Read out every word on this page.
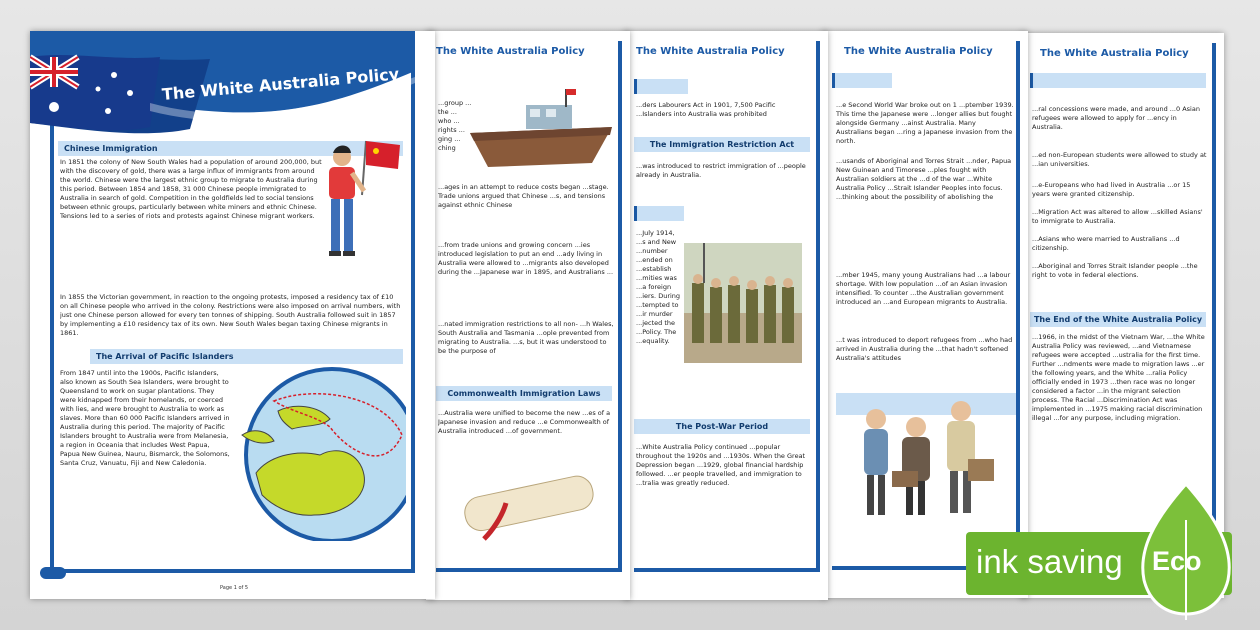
The White Australia Policy
...ral concessions were made, and around ...0 Asian refugees were allowed to apply for ...ency in Australia.
...ed non-European students were allowed to study at ...ian universities.
...e-Europeans who had lived in Australia ...or 15 years were granted citizenship.
...Migration Act was altered to allow ...skilled Asians' to immigrate to Australia.
...Asians who were married to Australians ...d citizenship.
...Aboriginal and Torres Strait Islander people ...the right to vote in federal elections.
The End of the White Australia Policy
...1966, in the midst of the Vietnam War, ...the White Australia Policy was reviewed, ...and Vietnamese refugees were accepted ...ustralia for the first time. Further ...ndments were made to migration laws ...er the following years, and the White ...ralia Policy officially ended in 1973 ...then race was no longer considered a factor ...in the migrant selection process. The Racial ...Discrimination Act was implemented in ...1975 making racial discrimination illegal ...for any purpose, including migration.
The White Australia Policy
...e Second World War broke out on 1 ...ptember 1939. This time the Japanese were ...longer allies but fought alongside Germany ...ainst Australia. Many Australians began ...ring a Japanese invasion from the north.
...usands of Aboriginal and Torres Strait ...nder, Papua New Guinean and Timorese ...ples fought with Australian soldiers at the ...d of the war ...White Australia Policy ...Strait Islander Peoples into focus. ...thinking about the possibility of abolishing the
...mber 1945, many young Australians had ...a labour shortage. With low population ...of an Asian invasion intensified. To counter ...the Australian government introduced an ...and European migrants to Australia.
...t was introduced to deport refugees from ...who had arrived in Australia during the ...that hadn't softened Australia's attitudes
The White Australia Policy
...ders Labourers Act in 1901, 7,500 Pacific ...Islanders into Australia was prohibited
The Immigration Restriction Act
...was introduced to restrict immigration of ...people already in Australia.
...July 1914, ...s and New ...number ...ended on ...establish ...mities was ...a foreign ...iers. During ...tempted to ...ir murder ...jected the ...Policy. The ...equality.
The Post-War Period
...White Australia Policy continued ...popular throughout the 1920s and ...1930s. When the Great Depression began ...1929, global financial hardship followed. ...er people travelled, and immigration to ...tralia was greatly reduced.
The White Australia Policy
...group ... the ... who ... rights ... ging ... ching
...ages in an attempt to reduce costs began ...stage. Trade unions argued that Chinese ...s, and tensions against ethnic Chinese
...from trade unions and growing concern ...ies introduced legislation to put an end ...ady living in Australia were allowed to ...migrants also developed during the ...Japanese war in 1895, and Australians ...
...nated immigration restrictions to all non- ...h Wales, South Australia and Tasmania ...ople prevented from migrating to Australia. ...s, but it was understood to be the purpose of
Commonwealth Immigration Laws
...Australia were unified to become the new ...es of a Japanese invasion and reduce ...e Commonwealth of Australia introduced ...of government.
The White Australia Policy
Chinese Immigration
In 1851 the colony of New South Wales had a population of around 200,000, but with the discovery of gold, there was a large influx of immigrants from around the world. Chinese were the largest ethnic group to migrate to Australia during this period. Between 1854 and 1858, 31 000 Chinese people immigrated to Australia in search of gold. Competition in the goldfields led to social tensions between ethnic groups, particularly between white miners and ethnic Chinese. Tensions led to a series of riots and protests against Chinese migrant workers.
In 1855 the Victorian government, in reaction to the ongoing protests, imposed a residency tax of £10 on all Chinese people who arrived in the colony. Restrictions were also imposed on arrival numbers, with just one Chinese person allowed for every ten tonnes of shipping. South Australia followed suit in 1857 by implementing a £10 residency tax of its own. New South Wales began taxing Chinese migrants in 1861.
The Arrival of Pacific Islanders
From 1847 until into the 1900s, Pacific Islanders, also known as South Sea Islanders, were brought to Queensland to work on sugar plantations. They were kidnapped from their homelands, or coerced with lies, and were brought to Australia to work as slaves. More than 60 000 Pacific Islanders arrived in Australia during this period. The majority of Pacific Islanders brought to Australia were from Melanesia, a region in Oceania that includes West Papua, Papua New Guinea, Nauru, Bismarck, the Solomons, Santa Cruz, Vanuatu, Fiji and New Caledonia.
Page 1 of 5
ink saving Eco
